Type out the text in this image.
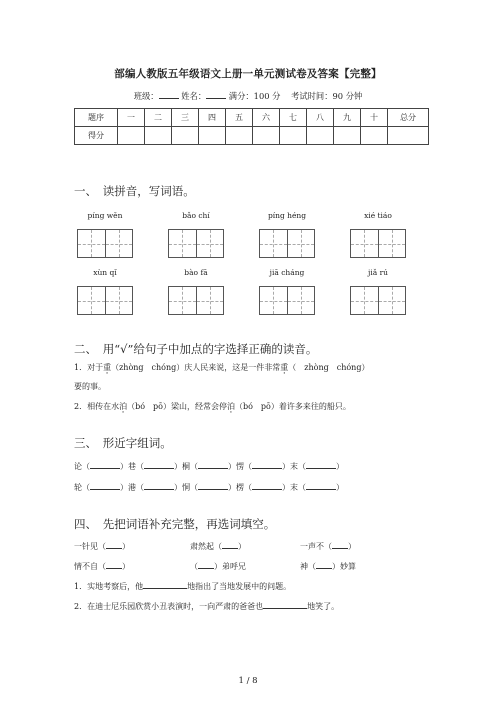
部编人教版五年级语文上册一单元测试卷及答案【完整】
班级：	姓名：	满分：100 分 考试时间：90 分钟
题序	一	二	三	四	五	六	七	八	九	十	总分
得分											
一、　读拼音，写词语。
píng wěn	bǎo chí	píng héng	xié tiáo
xùn qǐ	bào fā	jiā cháng	jiǎ rú
二、　用“√”给句子中加点的字选择正确的读音。
1．对于重（zhòng　chóng）庆人民来说，这是一件非常重（　zhòng　chóng）
要的事。
2．相传在水泊（bó　pō）梁山，经常会停泊（bó　pō）着许多来往的船只。
三、　形近字组词。
论（	）巷（	）桐（	）愣（	）末（	）
轮（	）港（	）恫（	）楞（	）末（	）
四、　先把词语补充完整，再选词填空。
一针见（ ）	肃然起（ ）	一声不（ ）
情不自（ ）	（ ）弟呼兄	神（ ）妙算
1．实地考察后，他	地指出了当地发展中的问题。
2．在迪士尼乐园欣赏小丑表演时，一向严肃的爸爸也	地笑了。
1 / 8
